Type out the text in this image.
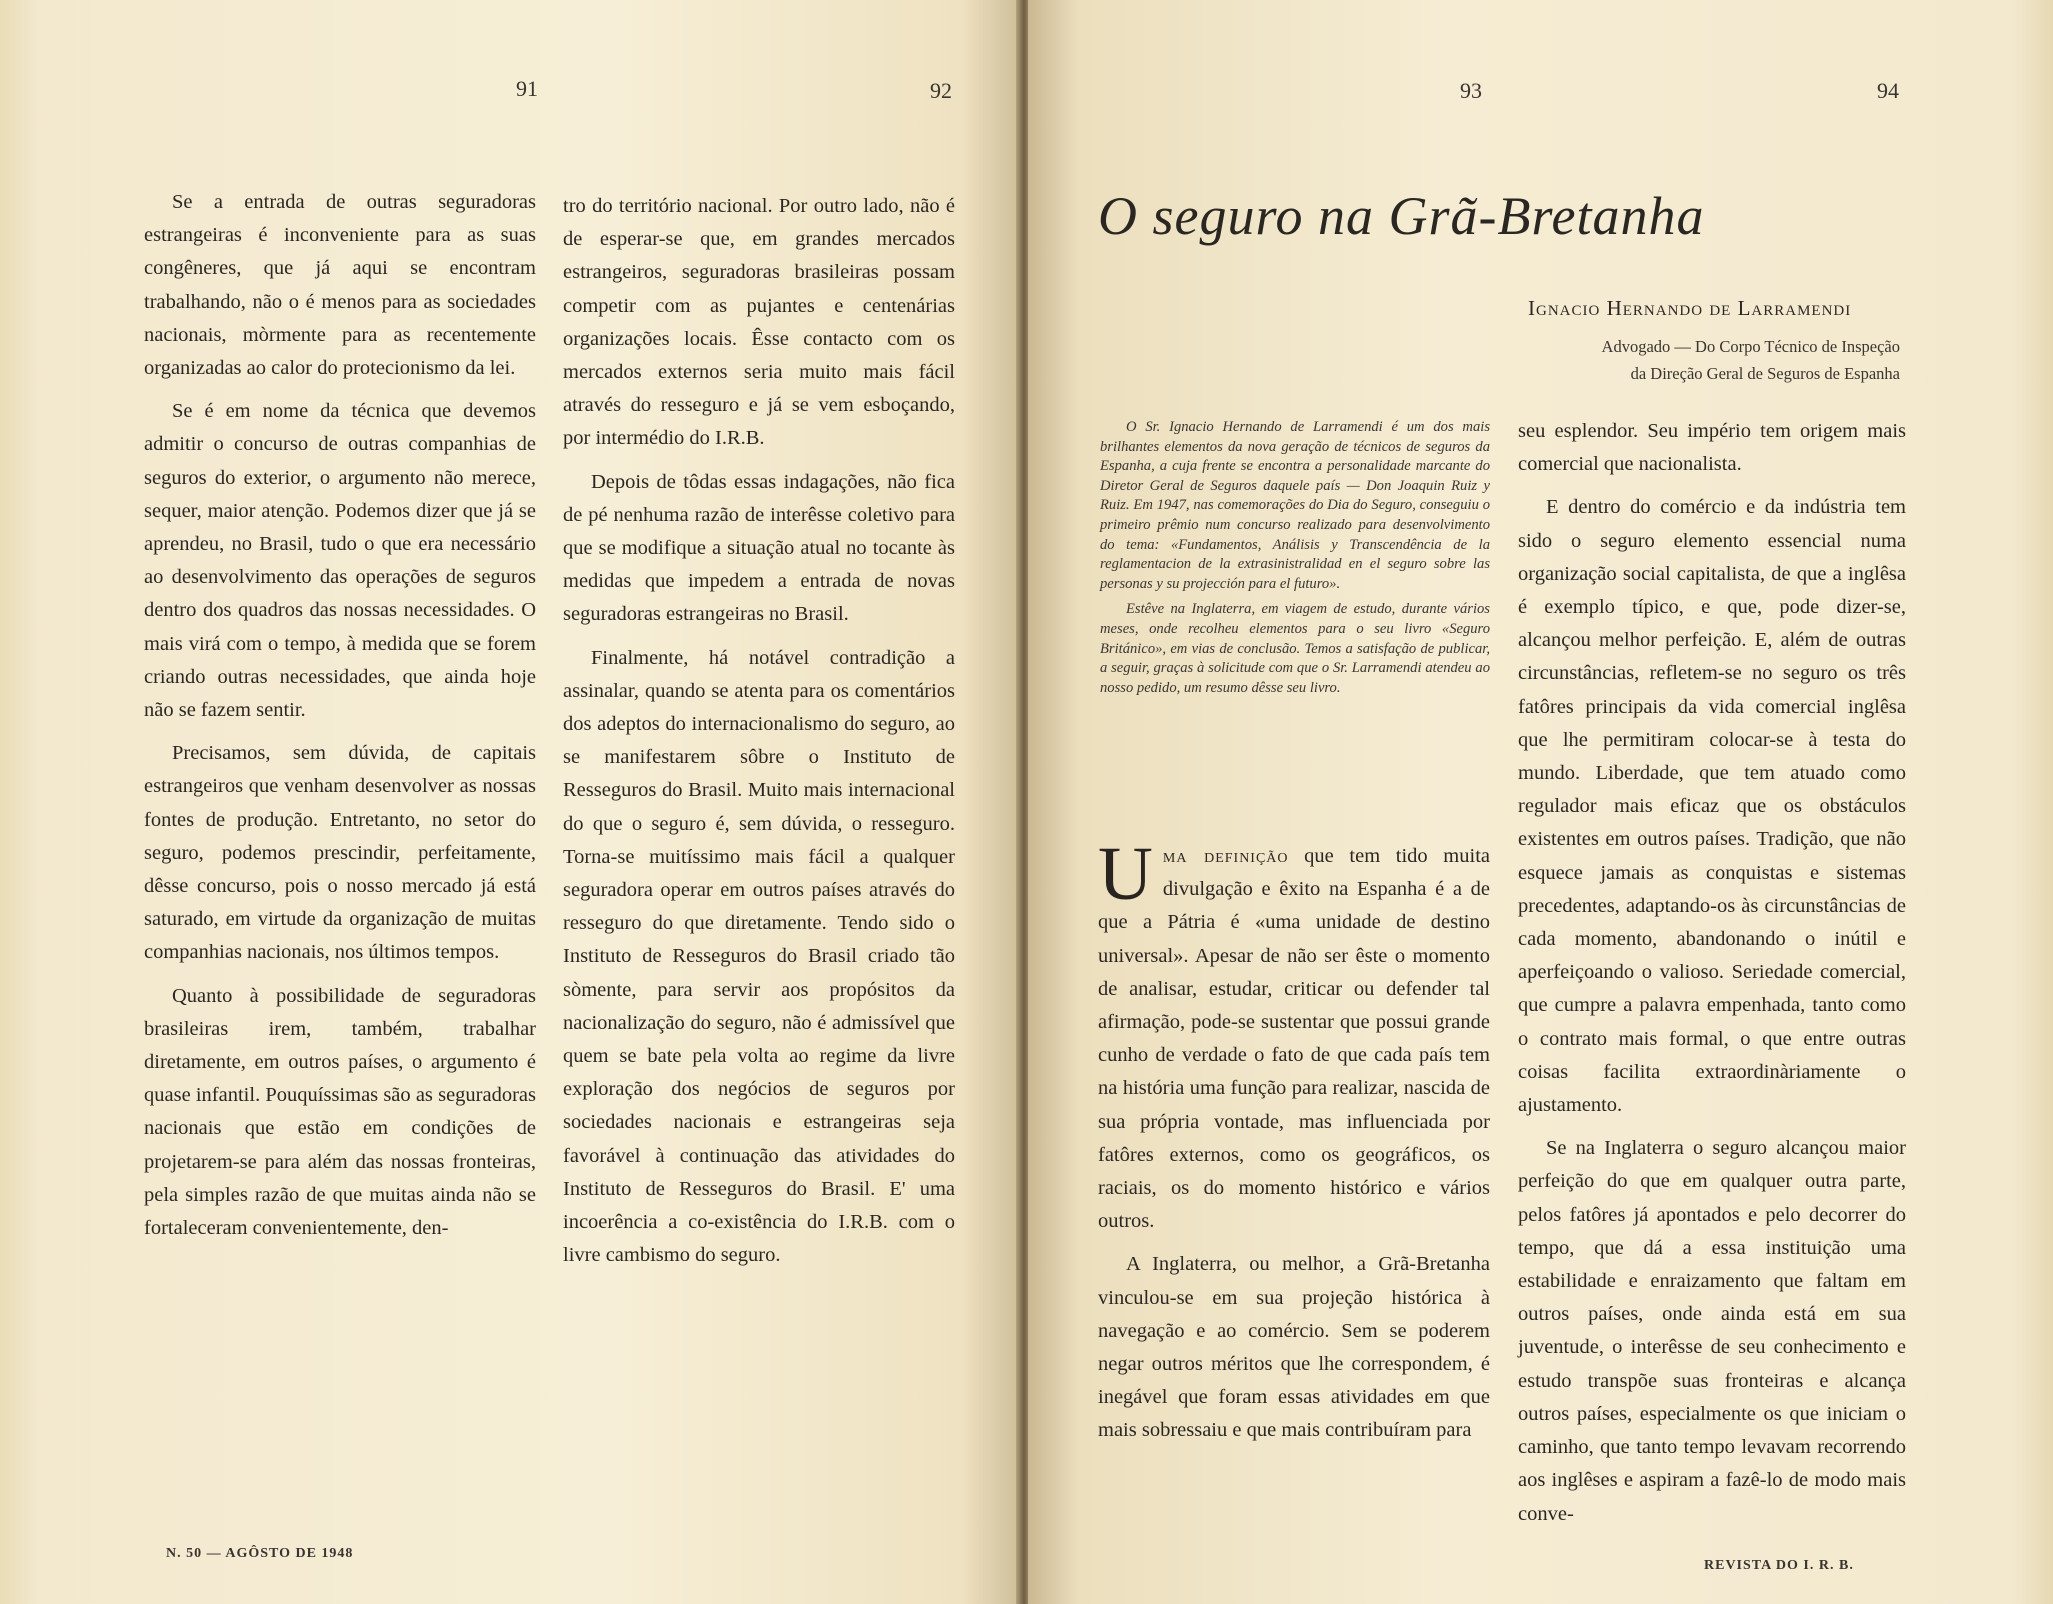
91	92

Se a entrada de outras seguradoras estrangeiras é inconveniente para as suas congêneres, que já aqui se encontram trabalhando, não o é menos para as sociedades nacionais, mòrmente para as recentemente organizadas ao calor do protecionismo da lei.

Se é em nome da técnica que devemos admitir o concurso de outras companhias de seguros do exterior, o argumento não merece, sequer, maior atenção. Podemos dizer que já se aprendeu, no Brasil, tudo o que era necessário ao desenvolvimento das operações de seguros dentro dos quadros das nossas necessidades. O mais virá com o tempo, à medida que se forem criando outras necessidades, que ainda hoje não se fazem sentir.

Precisamos, sem dúvida, de capitais estrangeiros que venham desenvolver as nossas fontes de produção. Entretanto, no setor do seguro, podemos prescindir, perfeitamente, dêsse concurso, pois o nosso mercado já está saturado, em virtude da organização de muitas companhias nacionais, nos últimos tempos.

Quanto à possibilidade de seguradoras brasileiras irem, também, trabalhar diretamente, em outros países, o argumento é quase infantil. Pouquíssimas são as seguradoras nacionais que estão em condições de projetarem-se para além das nossas fronteiras, pela simples razão de que muitas ainda não se fortaleceram convenientemente, den-

tro do território nacional. Por outro lado, não é de esperar-se que, em grandes mercados estrangeiros, seguradoras brasileiras possam competir com as pujantes e centenárias organizações locais. Êsse contacto com os mercados externos seria muito mais fácil através do resseguro e já se vem esboçando, por intermédio do I.R.B.

Depois de tôdas essas indagações, não fica de pé nenhuma razão de interêsse coletivo para que se modifique a situação atual no tocante às medidas que impedem a entrada de novas seguradoras estrangeiras no Brasil.

Finalmente, há notável contradição a assinalar, quando se atenta para os comentários dos adeptos do internacionalismo do seguro, ao se manifestarem sôbre o Instituto de Resseguros do Brasil. Muito mais internacional do que o seguro é, sem dúvida, o resseguro. Torna-se muitíssimo mais fácil a qualquer seguradora operar em outros países através do resseguro do que diretamente. Tendo sido o Instituto de Resseguros do Brasil criado tão sòmente, para servir aos propósitos da nacionalização do seguro, não é admissível que quem se bate pela volta ao regime da livre exploração dos negócios de seguros por sociedades nacionais e estrangeiras seja favorável à continuação das atividades do Instituto de Resseguros do Brasil. E' uma incoerência a co-existência do I.R.B. com o livre cambismo do seguro.

N. 50 — AGÔSTO DE 1948
93	94
REVISTA DO I. R. B.
O seguro na Grã-Bretanha
Ignacio Hernando de Larramendi
Advogado — Do Corpo Técnico de Inspeção
da Direção Geral de Seguros de Espanha

O Sr. Ignacio Hernando de Larramendi é um dos mais brilhantes elementos da nova geração de técnicos de seguros da Espanha, a cuja frente se encontra a personalidade marcante do Diretor Geral de Seguros daquele país — Don Joaquin Ruiz y Ruiz. Em 1947, nas comemorações do Dia do Seguro, conseguiu o primeiro prêmio num concurso realizado para desenvolvimento do tema: «Fundamentos, Análisis y Transcendência de la reglamentacion de la extrasinistralidad en el seguro sobre las personas y su projección para el futuro».

Estêve na Inglaterra, em viagem de estudo, durante vários meses, onde recolheu elementos para o seu livro «Seguro Británico», em vias de conclusão. Temos a satisfação de publicar, a seguir, graças à solicitude com que o Sr. Larramendi atendeu ao nosso pedido, um resumo dêsse seu livro.

Uma definição que tem tido muita divulgação e êxito na Espanha é a de que a Pátria é «uma unidade de destino universal». Apesar de não ser êste o momento de analisar, estudar, criticar ou defender tal afirmação, pode-se sustentar que possui grande cunho de verdade o fato de que cada país tem na história uma função para realizar, nascida de sua própria vontade, mas influenciada por fatôres externos, como os geográficos, os raciais, os do momento histórico e vários outros.

A Inglaterra, ou melhor, a Grã-Bretanha vinculou-se em sua projeção histórica à navegação e ao comércio. Sem se poderem negar outros méritos que lhe correspondem, é inegável que foram essas atividades em que mais sobressaiu e que mais contribuíram para

seu esplendor. Seu império tem origem mais comercial que nacionalista.

E dentro do comércio e da indústria tem sido o seguro elemento essencial numa organização social capitalista, de que a inglêsa é exemplo típico, e que, pode dizer-se, alcançou melhor perfeição. E, além de outras circunstâncias, refletem-se no seguro os três fatôres principais da vida comercial inglêsa que lhe permitiram colocar-se à testa do mundo. Liberdade, que tem atuado como regulador mais eficaz que os obstáculos existentes em outros países. Tradição, que não esquece jamais as conquistas e sistemas precedentes, adaptando-os às circunstâncias de cada momento, abandonando o inútil e aperfeiçoando o valioso. Seriedade comercial, que cumpre a palavra empenhada, tanto como o contrato mais formal, o que entre outras coisas facilita extraordinàriamente o ajustamento.

Se na Inglaterra o seguro alcançou maior perfeição do que em qualquer outra parte, pelos fatôres já apontados e pelo decorrer do tempo, que dá a essa instituição uma estabilidade e enraizamento que faltam em outros países, onde ainda está em sua juventude, o interêsse de seu conhecimento e estudo transpõe suas fronteiras e alcança outros países, especialmente os que iniciam o caminho, que tanto tempo levavam recorrendo aos inglêses e aspiram a fazê-lo de modo mais conve-
